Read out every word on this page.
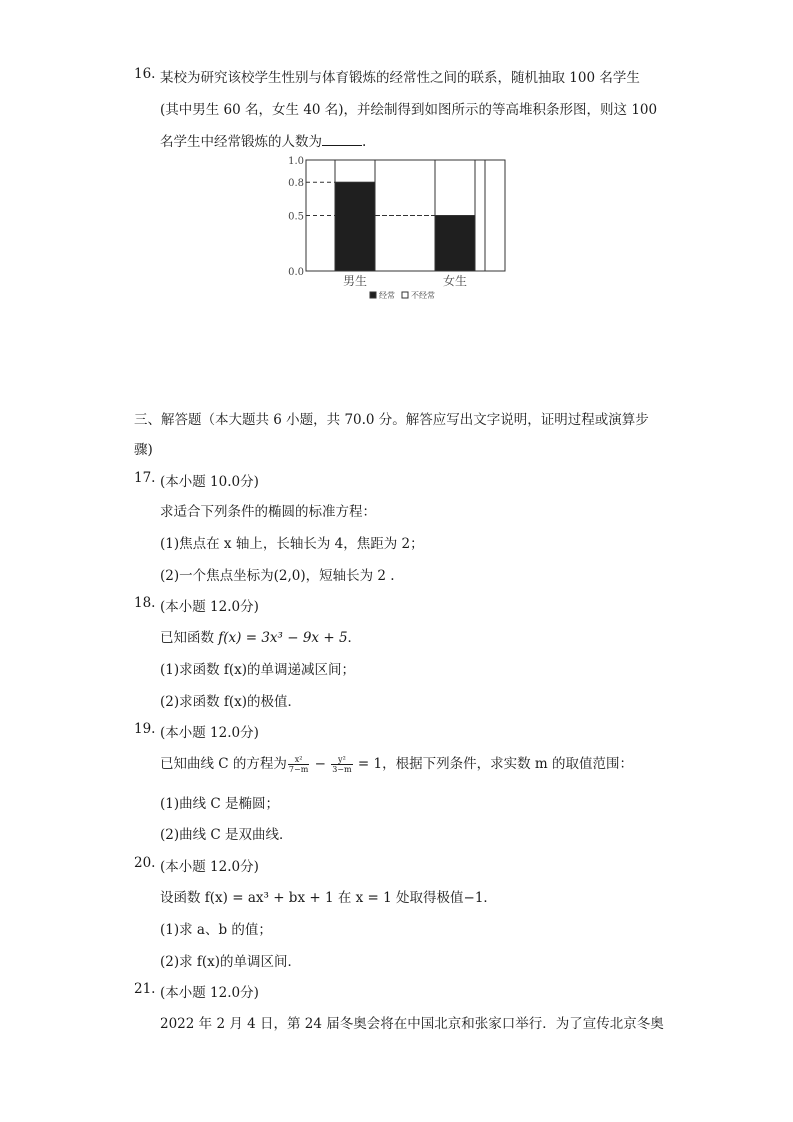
16. 某校为研究该校学生性别与体育锻炼的经常性之间的联系，随机抽取 100 名学生
(其中男生 60 名，女生 40 名)，并绘制得到如图所示的等高堆积条形图，则这 100
名学生中经常锻炼的人数为	.
男生	女生
0.0
0.5
0.8
1.0
经常 不经常
三、解答题（本大题共 6 小题，共 70.0 分。解答应写出文字说明，证明过程或演算步
骤)
17. (本小题 10.0分)
求适合下列条件的椭圆的标准方程：
(1)焦点在 x 轴上，长轴长为 4，焦距为 2；
(2)一个焦点坐标为(2,0)，短轴长为 2 .
18. (本小题 12.0分)
已知函数 f(x) = 3x³ − 9x + 5．
(1)求函数 f(x)的单调递减区间；
(2)求函数 f(x)的极值．
19. (本小题 12.0分)
已知曲线 C 的方程为 $\frac{\text{x²}}{7-m} - \frac{\text{y²}}{3-m} = 1$，根据下列条件，求实数 m 的取值范围：
(1)曲线 C 是椭圆；
(2)曲线 C 是双曲线．
20. (本小题 12.0分)
设函数 f(x) = ax³ + bx + 1 在 x = 1 处取得极值−1．
(1)求 a、b 的值；
(2)求 f(x)的单调区间．
21. (本小题 12.0分)
2022 年 2 月 4 日，第 24 届冬奥会将在中国北京和张家口举行．为了宣传北京冬奥
